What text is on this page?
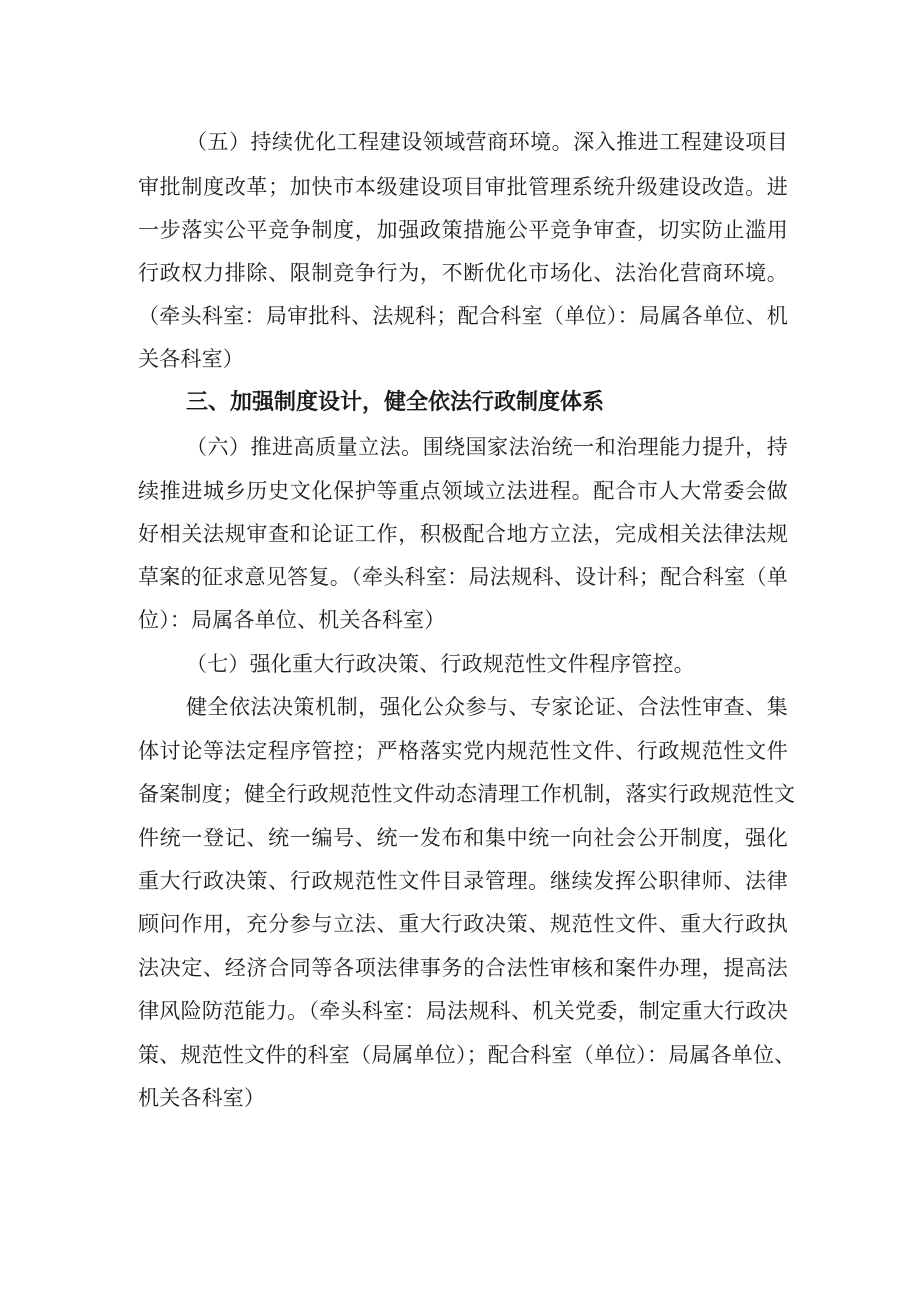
（五）持续优化工程建设领域营商环境。深入推进工程建设项目

审批制度改革；加快市本级建设项目审批管理系统升级建设改造。进

一步落实公平竞争制度，加强政策措施公平竞争审查，切实防止滥用

行政权力排除、限制竞争行为，不断优化市场化、法治化营商环境。

（牵头科室：局审批科、法规科；配合科室（单位）：局属各单位、机

关各科室）

三、加强制度设计，健全依法行政制度体系

（六）推进高质量立法。围绕国家法治统一和治理能力提升，持

续推进城乡历史文化保护等重点领域立法进程。配合市人大常委会做

好相关法规审查和论证工作，积极配合地方立法，完成相关法律法规

草案的征求意见答复。（牵头科室：局法规科、设计科；配合科室（单

位）：局属各单位、机关各科室）

（七）强化重大行政决策、行政规范性文件程序管控。

健全依法决策机制，强化公众参与、专家论证、合法性审查、集

体讨论等法定程序管控；严格落实党内规范性文件、行政规范性文件

备案制度；健全行政规范性文件动态清理工作机制，落实行政规范性文

件统一登记、统一编号、统一发布和集中统一向社会公开制度，强化

重大行政决策、行政规范性文件目录管理。继续发挥公职律师、法律

顾问作用，充分参与立法、重大行政决策、规范性文件、重大行政执

法决定、经济合同等各项法律事务的合法性审核和案件办理，提高法

律风险防范能力。（牵头科室：局法规科、机关党委，制定重大行政决

策、规范性文件的科室（局属单位）；配合科室（单位）：局属各单位、

机关各科室）
